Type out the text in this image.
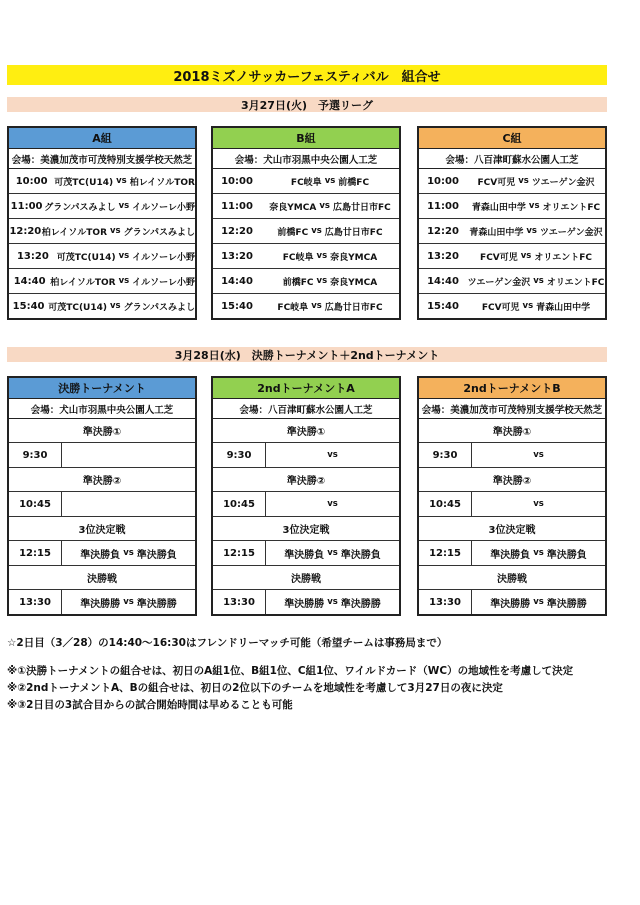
2018ミズノサッカーフェスティバル　組合せ
3月27日(火)　予選リーグ
A組
会場：美濃加茂市可茂特別支援学校天然芝
10:00 可茂TC(U14) vs 柏レイソルTOR
11:00 グランパスみよし vs イルソーレ小野
12:20 柏レイソルTOR vs グランパスみよし
13:20 可茂TC(U14) vs イルソーレ小野
14:40 柏レイソルTOR vs イルソーレ小野
15:40 可茂TC(U14) vs グランパスみよし
B組
会場：犬山市羽黒中央公園人工芝
10:00	FC岐阜 vs 前橋FC
11:00	奈良YMCA vs 広島廿日市FC
12:20	前橋FC vs 広島廿日市FC
13:20	FC岐阜 vs 奈良YMCA
14:40	前橋FC vs 奈良YMCA
15:40	FC岐阜 vs 広島廿日市FC
C組
会場：八百津町蘇水公園人工芝
10:00	FCV可児 vs ツエーゲン金沢
11:00	青森山田中学 vs オリエントFC
12:20	青森山田中学 vs ツエーゲン金沢
13:20	FCV可児 vs オリエントFC
14:40 ツエーゲン金沢 vs オリエントFC
15:40	FCV可児 vs 青森山田中学
3月28日(水)　決勝トーナメント＋2ndトーナメント
決勝トーナメント
会場：犬山市羽黒中央公園人工芝
準決勝①
9:30
準決勝②
10:45
3位決定戦
12:15	準決勝負 vs 準決勝負
決勝戦
13:30	準決勝勝 vs 準決勝勝
2ndトーナメントA
会場：八百津町蘇水公園人工芝
準決勝①
9:30	vs
準決勝②
10:45	vs
3位決定戦
12:15	準決勝負 vs 準決勝負
決勝戦
13:30	準決勝勝 vs 準決勝勝
2ndトーナメントB
会場：美濃加茂市可茂特別支援学校天然芝
準決勝①
9:30	vs
準決勝②
10:45	vs
3位決定戦
12:15	準決勝負 vs 準決勝負
決勝戦
13:30	準決勝勝 vs 準決勝勝
☆2日目（3／28）の14:40〜16:30はフレンドリーマッチ可能（希望チームは事務局まで）
※①決勝トーナメントの組合せは、初日のA組1位、B組1位、C組1位、ワイルドカード（WC）の地域性を考慮して決定
※②2ndトーナメントA、Bの組合せは、初日の2位以下のチームを地域性を考慮して3月27日の夜に決定
※③2日目の3試合目からの試合開始時間は早めることも可能
